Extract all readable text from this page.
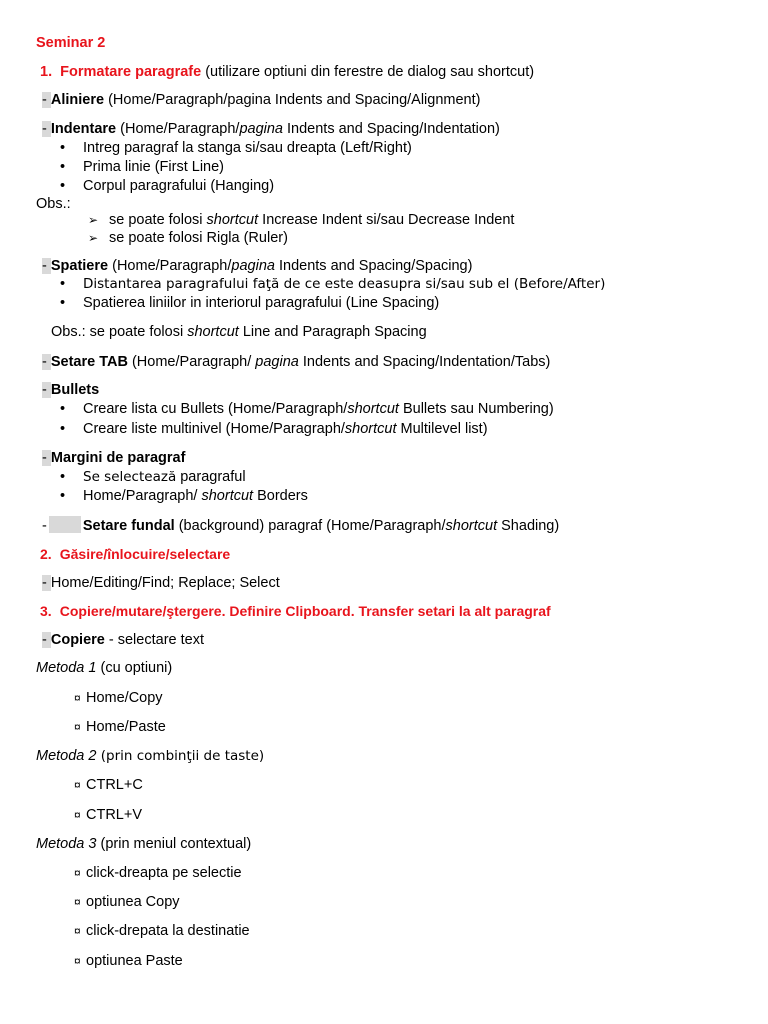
Seminar 2
1. Formatare paragrafe (utilizare optiuni din ferestre de dialog sau shortcut)
- Aliniere (Home/Paragraph/pagina Indents and Spacing/Alignment)
- Indentare (Home/Paragraph/pagina Indents and Spacing/Indentation)
• Intreg paragraf la stanga si/sau dreapta (Left/Right)
• Prima linie (First Line)
• Corpul paragrafului (Hanging)
Obs.:
➢ se poate folosi shortcut Increase Indent si/sau Decrease Indent
➢ se poate folosi Rigla (Ruler)
- Spatiere (Home/Paragraph/pagina Indents and Spacing/Spacing)
• Distantarea paragrafului faţă de ce este deasupra si/sau sub el (Before/After)
• Spatierea liniilor in interiorul paragrafului (Line Spacing)
Obs.: se poate folosi shortcut Line and Paragraph Spacing
- Setare TAB (Home/Paragraph/ pagina Indents and Spacing/Indentation/Tabs)
- Bullets
• Creare lista cu Bullets (Home/Paragraph/shortcut Bullets sau Numbering)
• Creare liste multinivel (Home/Paragraph/shortcut Multilevel list)
- Margini de paragraf
• Se selectează paragraful
• Home/Paragraph/ shortcut Borders
- Setare fundal (background) paragraf (Home/Paragraph/shortcut Shading)
2. Găsire/înlocuire/selectare
- Home/Editing/Find; Replace; Select
3. Copiere/mutare/ştergere. Definire Clipboard. Transfer setari la alt paragraf
- Copiere - selectare text
Metoda 1 (cu optiuni)
¤ Home/Copy
¤ Home/Paste
Metoda 2 (prin combinţii de taste)
¤ CTRL+C
¤ CTRL+V
Metoda 3 (prin meniul contextual)
¤ click-dreapta pe selectie
¤ optiunea Copy
¤ click-drepata la destinatie
¤ optiunea Paste
